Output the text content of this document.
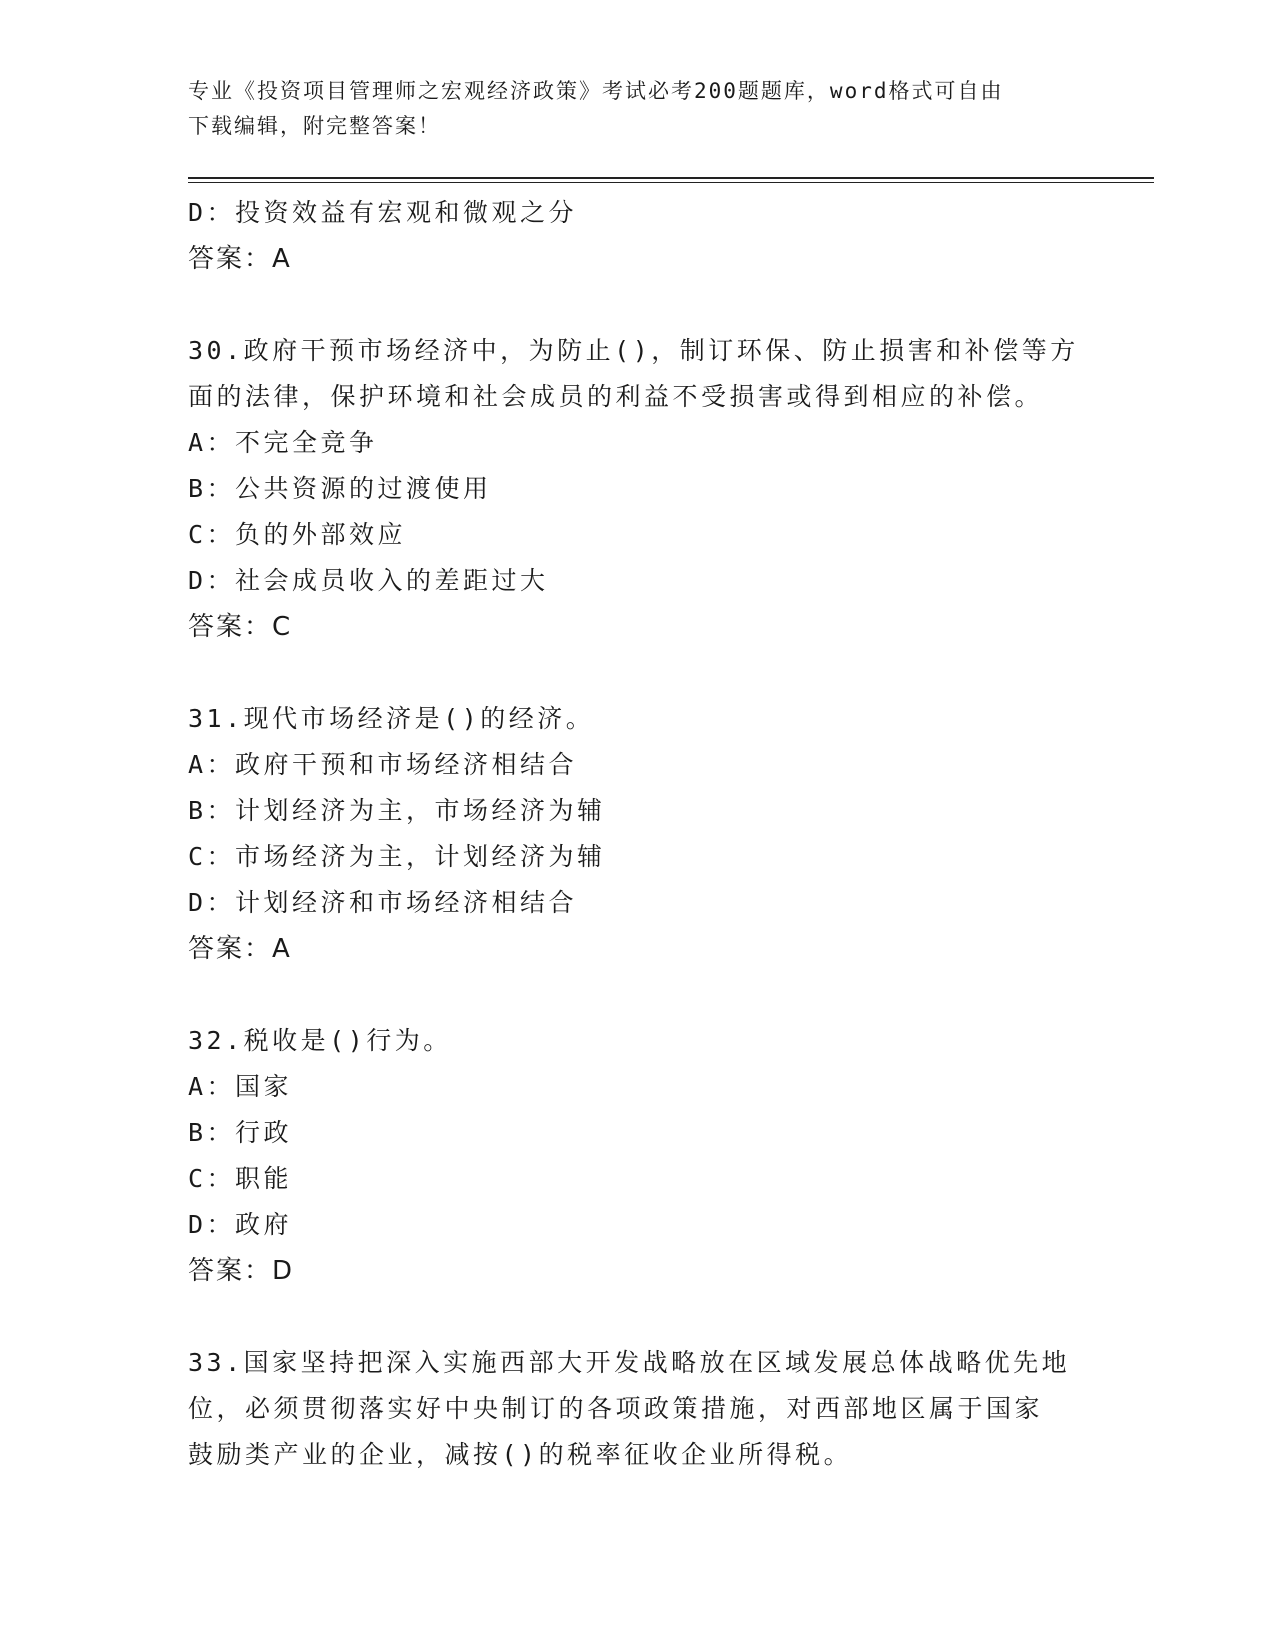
专业《投资项目管理师之宏观经济政策》考试必考200题题库，word格式可自由
下载编辑，附完整答案！
D：投资效益有宏观和微观之分
答案：A
30.政府干预市场经济中，为防止()，制订环保、防止损害和补偿等方
面的法律，保护环境和社会成员的利益不受损害或得到相应的补偿。
A：不完全竞争
B：公共资源的过渡使用
C：负的外部效应
D：社会成员收入的差距过大
答案：C
31.现代市场经济是()的经济。
A：政府干预和市场经济相结合
B：计划经济为主，市场经济为辅
C：市场经济为主，计划经济为辅
D：计划经济和市场经济相结合
答案：A
32.税收是()行为。
A：国家
B：行政
C：职能
D：政府
答案：D
33.国家坚持把深入实施西部大开发战略放在区域发展总体战略优先地
位，必须贯彻落实好中央制订的各项政策措施，对西部地区属于国家
鼓励类产业的企业，减按()的税率征收企业所得税。
